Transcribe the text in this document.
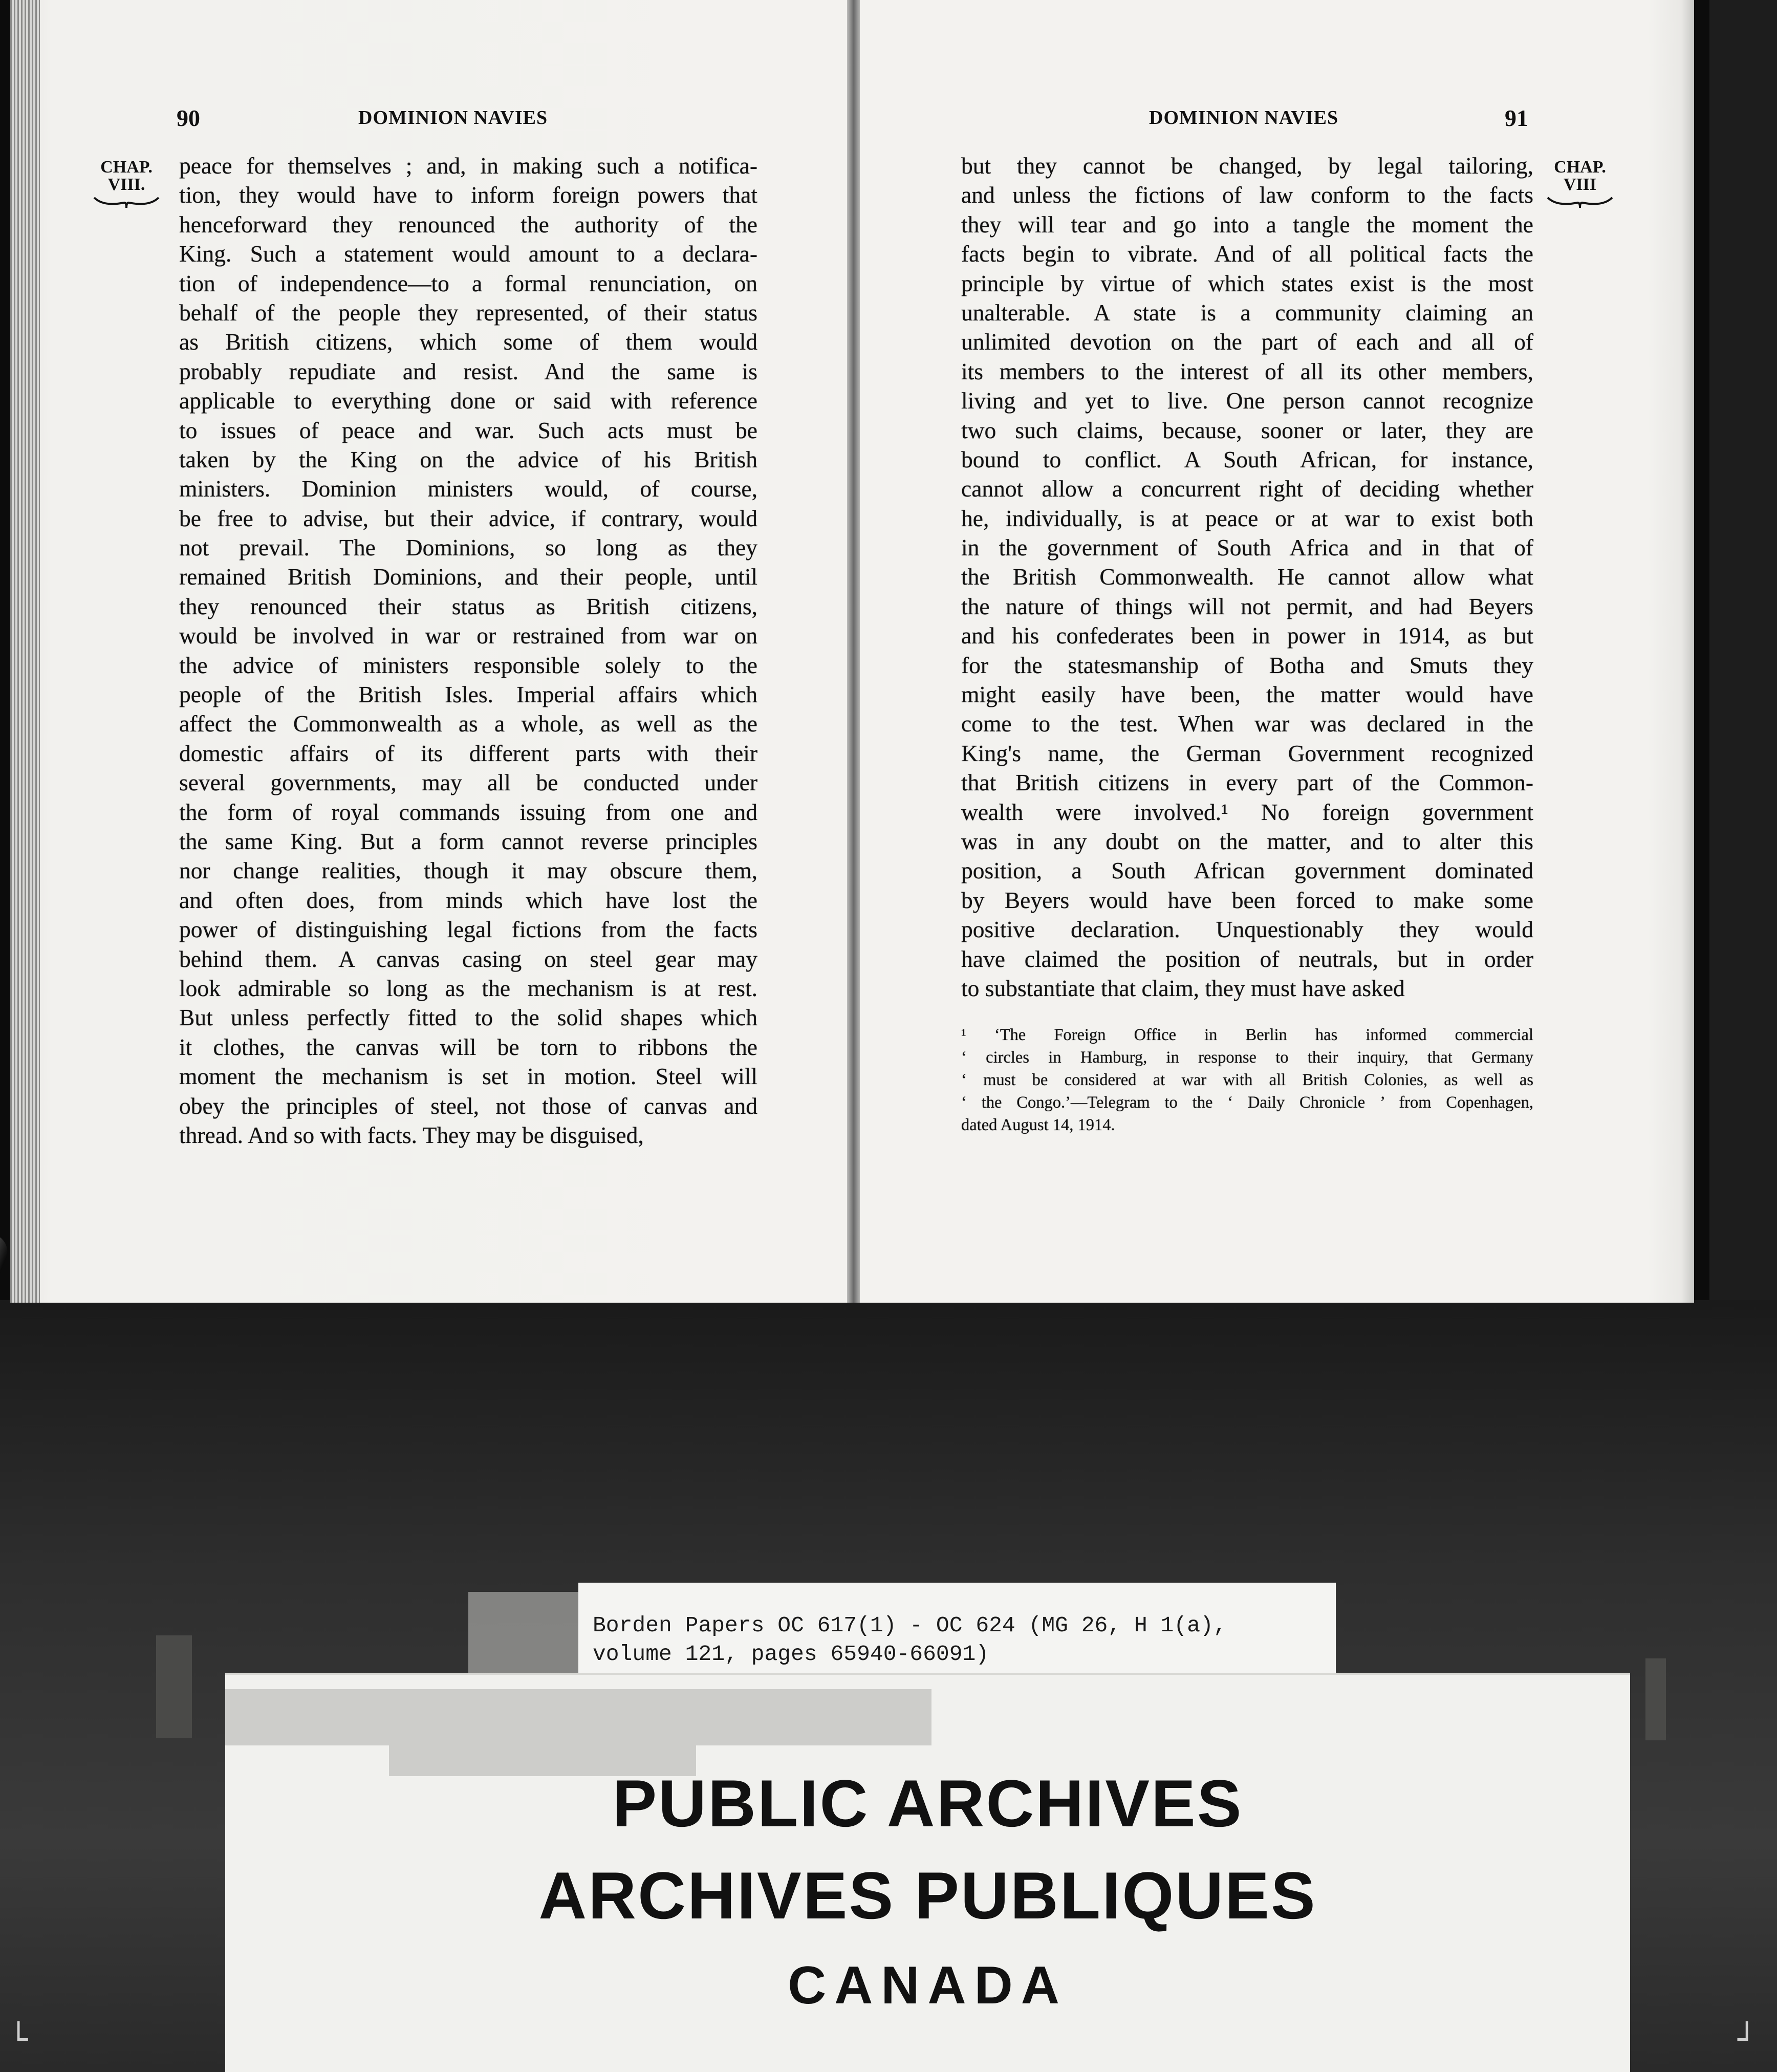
90	DOMINION NAVIES
CHAP.
VIII.
peace for themselves ; and, in making such a notifica-
tion, they would have to inform foreign powers that
henceforward they renounced the authority of the
King. Such a statement would amount to a declara-
tion of independence—to a formal renunciation, on
behalf of the people they represented, of their status
as British citizens, which some of them would
probably repudiate and resist. And the same is
applicable to everything done or said with reference
to issues of peace and war. Such acts must be
taken by the King on the advice of his British
ministers. Dominion ministers would, of course,
be free to advise, but their advice, if contrary, would
not prevail. The Dominions, so long as they
remained British Dominions, and their people, until
they renounced their status as British citizens,
would be involved in war or restrained from war on
the advice of ministers responsible solely to the
people of the British Isles. Imperial affairs which
affect the Commonwealth as a whole, as well as the
domestic affairs of its different parts with their
several governments, may all be conducted under
the form of royal commands issuing from one and
the same King. But a form cannot reverse principles
nor change realities, though it may obscure them,
and often does, from minds which have lost the
power of distinguishing legal fictions from the facts
behind them. A canvas casing on steel gear may
look admirable so long as the mechanism is at rest.
But unless perfectly fitted to the solid shapes which
it clothes, the canvas will be torn to ribbons the
moment the mechanism is set in motion. Steel will
obey the principles of steel, not those of canvas and
thread. And so with facts. They may be disguised,
DOMINION NAVIES	91
CHAP.
VIII
but they cannot be changed, by legal tailoring,
and unless the fictions of law conform to the facts
they will tear and go into a tangle the moment the
facts begin to vibrate. And of all political facts the
principle by virtue of which states exist is the most
unalterable. A state is a community claiming an
unlimited devotion on the part of each and all of
its members to the interest of all its other members,
living and yet to live. One person cannot recognize
two such claims, because, sooner or later, they are
bound to conflict. A South African, for instance,
cannot allow a concurrent right of deciding whether
he, individually, is at peace or at war to exist both
in the government of South Africa and in that of
the British Commonwealth. He cannot allow what
the nature of things will not permit, and had Beyers
and his confederates been in power in 1914, as but
for the statesmanship of Botha and Smuts they
might easily have been, the matter would have
come to the test. When war was declared in the
King's name, the German Government recognized
that British citizens in every part of the Common-
wealth were involved.¹ No foreign government
was in any doubt on the matter, and to alter this
position, a South African government dominated
by Beyers would have been forced to make some
positive declaration. Unquestionably they would
have claimed the position of neutrals, but in order
to substantiate that claim, they must have asked
¹ ‘The Foreign Office in Berlin has informed commercial
‘ circles in Hamburg, in response to their inquiry, that Germany
‘ must be considered at war with all British Colonies, as well as
‘ the Congo.’—Telegram to the ‘ Daily Chronicle ’ from Copenhagen,
dated August 14, 1914.
Borden Papers OC 617(1) - OC 624 (MG 26, H 1(a),
volume 121, pages 65940-66091)
PUBLIC ARCHIVES
ARCHIVES PUBLIQUES
CANADA
└	┘
